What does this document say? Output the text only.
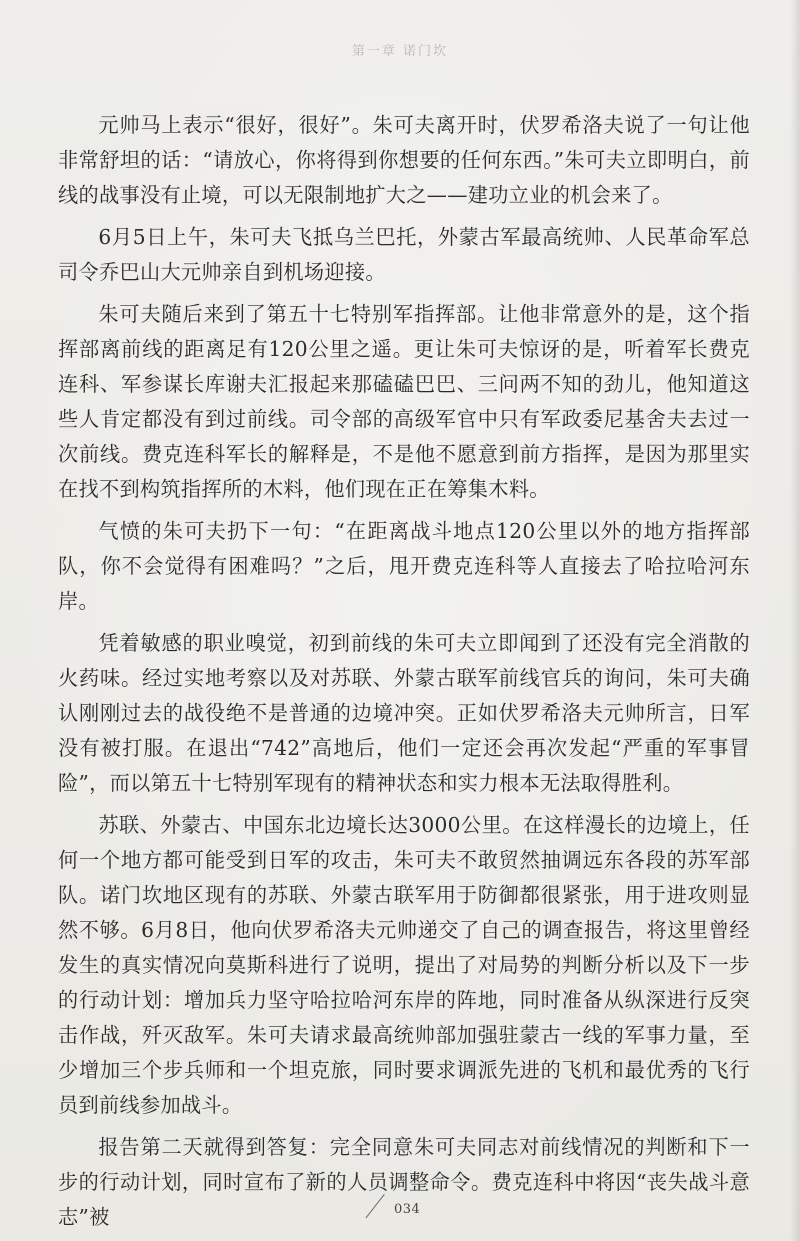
第一章 诺门坎

元帅马上表示“很好，很好”。朱可夫离开时，伏罗希洛夫说了一句让他非常舒坦的话：“请放心，你将得到你想要的任何东西。”朱可夫立即明白，前线的战事没有止境，可以无限制地扩大之——建功立业的机会来了。

6月5日上午，朱可夫飞抵乌兰巴托，外蒙古军最高统帅、人民革命军总司令乔巴山大元帅亲自到机场迎接。

朱可夫随后来到了第五十七特别军指挥部。让他非常意外的是，这个指挥部离前线的距离足有120公里之遥。更让朱可夫惊讶的是，听着军长费克连科、军参谋长库谢夫汇报起来那磕磕巴巴、三问两不知的劲儿，他知道这些人肯定都没有到过前线。司令部的高级军官中只有军政委尼基舍夫去过一次前线。费克连科军长的解释是，不是他不愿意到前方指挥，是因为那里实在找不到构筑指挥所的木料，他们现在正在筹集木料。

气愤的朱可夫扔下一句：“在距离战斗地点120公里以外的地方指挥部队，你不会觉得有困难吗？”之后，甩开费克连科等人直接去了哈拉哈河东岸。

凭着敏感的职业嗅觉，初到前线的朱可夫立即闻到了还没有完全消散的火药味。经过实地考察以及对苏联、外蒙古联军前线官兵的询问，朱可夫确认刚刚过去的战役绝不是普通的边境冲突。正如伏罗希洛夫元帅所言，日军没有被打服。在退出“742”高地后，他们一定还会再次发起“严重的军事冒险”，而以第五十七特别军现有的精神状态和实力根本无法取得胜利。

苏联、外蒙古、中国东北边境长达3000公里。在这样漫长的边境上，任何一个地方都可能受到日军的攻击，朱可夫不敢贸然抽调远东各段的苏军部队。诺门坎地区现有的苏联、外蒙古联军用于防御都很紧张，用于进攻则显然不够。6月8日，他向伏罗希洛夫元帅递交了自己的调查报告，将这里曾经发生的真实情况向莫斯科进行了说明，提出了对局势的判断分析以及下一步的行动计划：增加兵力坚守哈拉哈河东岸的阵地，同时准备从纵深进行反突击作战，歼灭敌军。朱可夫请求最高统帅部加强驻蒙古一线的军事力量，至少增加三个步兵师和一个坦克旅，同时要求调派先进的飞机和最优秀的飞行员到前线参加战斗。

报告第二天就得到答复：完全同意朱可夫同志对前线情况的判断和下一步的行动计划，同时宣布了新的人员调整命令。费克连科中将因“丧失战斗意志”被	034
